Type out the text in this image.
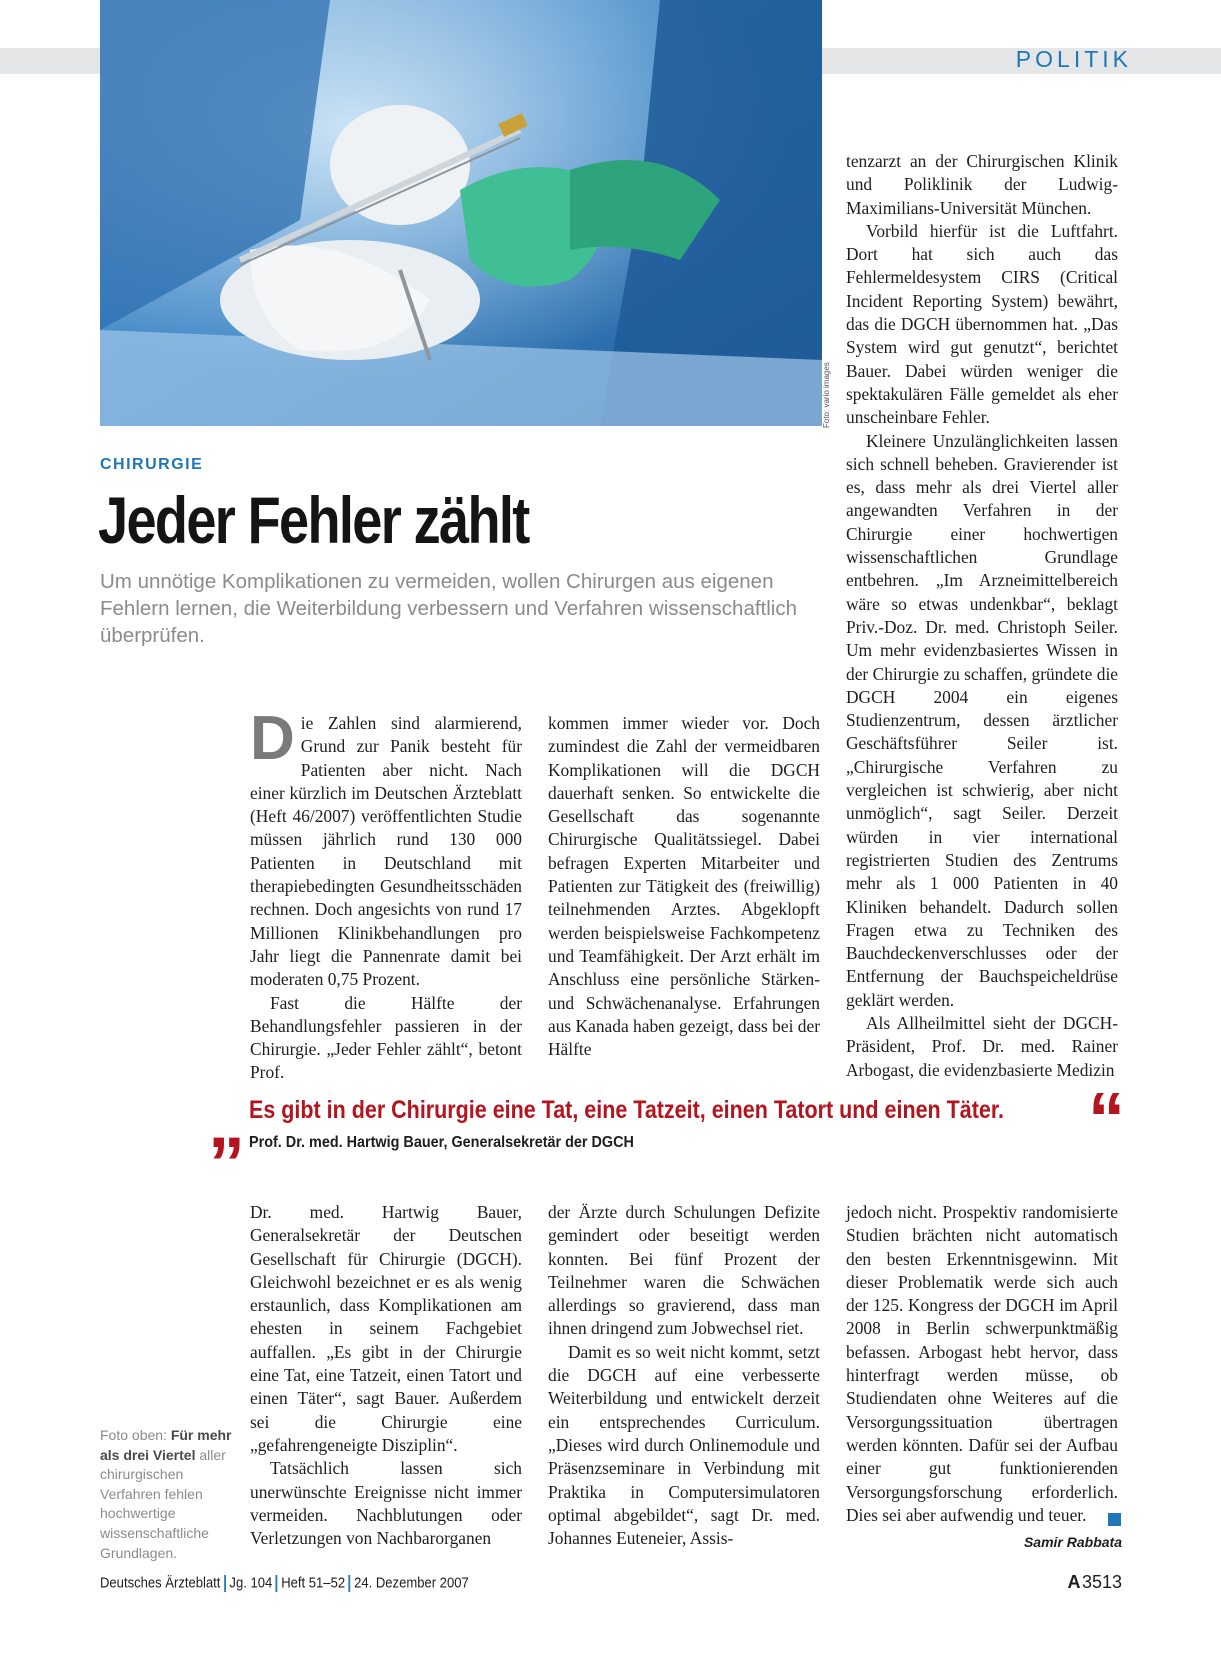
POLITIK
Foto: vario images
CHIRURGIE
Jeder Fehler zählt
Um unnötige Komplikationen zu vermeiden, wollen Chirurgen aus eigenen Fehlern lernen, die Weiterbildung verbessern und Verfahren wissenschaftlich überprüfen.
D ie Zahlen sind alarmierend, Grund zur Panik besteht für Patienten aber nicht. Nach einer kürzlich im Deutschen Ärzteblatt (Heft 46/2007) veröffentlichten Studie müssen jährlich rund 130 000 Patienten in Deutschland mit therapiebedingten Gesundheitsschäden rechnen. Doch angesichts von rund 17 Millionen Klinikbehandlungen pro Jahr liegt die Pannenrate damit bei moderaten 0,75 Prozent.

Fast die Hälfte der Behandlungsfehler passieren in der Chirurgie. „Jeder Fehler zählt“, betont Prof.

kommen immer wieder vor. Doch zumindest die Zahl der vermeidbaren Komplikationen will die DGCH dauerhaft senken. So entwickelte die Gesellschaft das sogenannte Chirurgische Qualitätssiegel. Dabei befragen Experten Mitarbeiter und Patienten zur Tätigkeit des (freiwillig) teilnehmenden Arztes. Abgeklopft werden beispielsweise Fachkompetenz und Teamfähigkeit. Der Arzt erhält im Anschluss eine persönliche Stärken- und Schwächenanalyse. Erfahrungen aus Kanada haben gezeigt, dass bei der Hälfte

tenzarzt an der Chirurgischen Klinik und Poliklinik der Ludwig-Maximilians-Universität München.

Vorbild hierfür ist die Luftfahrt. Dort hat sich auch das Fehlermeldesystem CIRS (Critical Incident Reporting System) bewährt, das die DGCH übernommen hat. „Das System wird gut genutzt“, berichtet Bauer. Dabei würden weniger die spektakulären Fälle gemeldet als eher unscheinbare Fehler.

Kleinere Unzulänglichkeiten lassen sich schnell beheben. Gravierender ist es, dass mehr als drei Viertel aller angewandten Verfahren in der Chirurgie einer hochwertigen wissenschaftlichen Grundlage entbehren. „Im Arzneimittelbereich wäre so etwas undenkbar“, beklagt Priv.-Doz. Dr. med. Christoph Seiler. Um mehr evidenzbasiertes Wissen in der Chirurgie zu schaffen, gründete die DGCH 2004 ein eigenes Studienzentrum, dessen ärztlicher Geschäftsführer Seiler ist. „Chirurgische Verfahren zu vergleichen ist schwierig, aber nicht unmöglich“, sagt Seiler. Derzeit würden in vier international registrierten Studien des Zentrums mehr als 1 000 Patienten in 40 Kliniken behandelt. Dadurch sollen Fragen etwa zu Techniken des Bauchdeckenverschlusses oder der Entfernung der Bauchspeicheldrüse geklärt werden.

Als Allheilmittel sieht der DGCH-Präsident, Prof. Dr. med. Rainer Arbogast, die evidenzbasierte Medizin

„ Es gibt in der Chirurgie eine Tat, eine Tatzeit, einen Tatort und einen Täter. “
Prof. Dr. med. Hartwig Bauer, Generalsekretär der DGCH
Foto oben: Für mehr als drei Viertel aller chirurgischen Verfahren fehlen hochwertige wissenschaftliche Grundlagen.

Dr. med. Hartwig Bauer, Generalsekretär der Deutschen Gesellschaft für Chirurgie (DGCH). Gleichwohl bezeichnet er es als wenig erstaunlich, dass Komplikationen am ehesten in seinem Fachgebiet auffallen. „Es gibt in der Chirurgie eine Tat, eine Tatzeit, einen Tatort und einen Täter“, sagt Bauer. Außerdem sei die Chirurgie eine „gefahrengeneigte Disziplin“.

Tatsächlich lassen sich unerwünschte Ereignisse nicht immer vermeiden. Nachblutungen oder Verletzungen von Nachbarorganen

der Ärzte durch Schulungen Defizite gemindert oder beseitigt werden konnten. Bei fünf Prozent der Teilnehmer waren die Schwächen allerdings so gravierend, dass man ihnen dringend zum Jobwechsel riet.

Damit es so weit nicht kommt, setzt die DGCH auf eine verbesserte Weiterbildung und entwickelt derzeit ein entsprechendes Curriculum. „Dieses wird durch Onlinemodule und Präsenzseminare in Verbindung mit Praktika in Computersimulatoren optimal abgebildet“, sagt Dr. med. Johannes Euteneier, Assis-

jedoch nicht. Prospektiv randomisierte Studien brächten nicht automatisch den besten Erkenntnisgewinn. Mit dieser Problematik werde sich auch der 125. Kongress der DGCH im April 2008 in Berlin schwerpunktmäßig befassen. Arbogast hebt hervor, dass hinterfragt werden müsse, ob Studiendaten ohne Weiteres auf die Versorgungssituation übertragen werden könnten. Dafür sei der Aufbau einer gut funktionierenden Versorgungsforschung erforderlich. Dies sei aber aufwendig und teuer.

Samir Rabbata
Deutsches Ärzteblatt Jg. 104 Heft 51–52 24. Dezember 2007	A 3513
